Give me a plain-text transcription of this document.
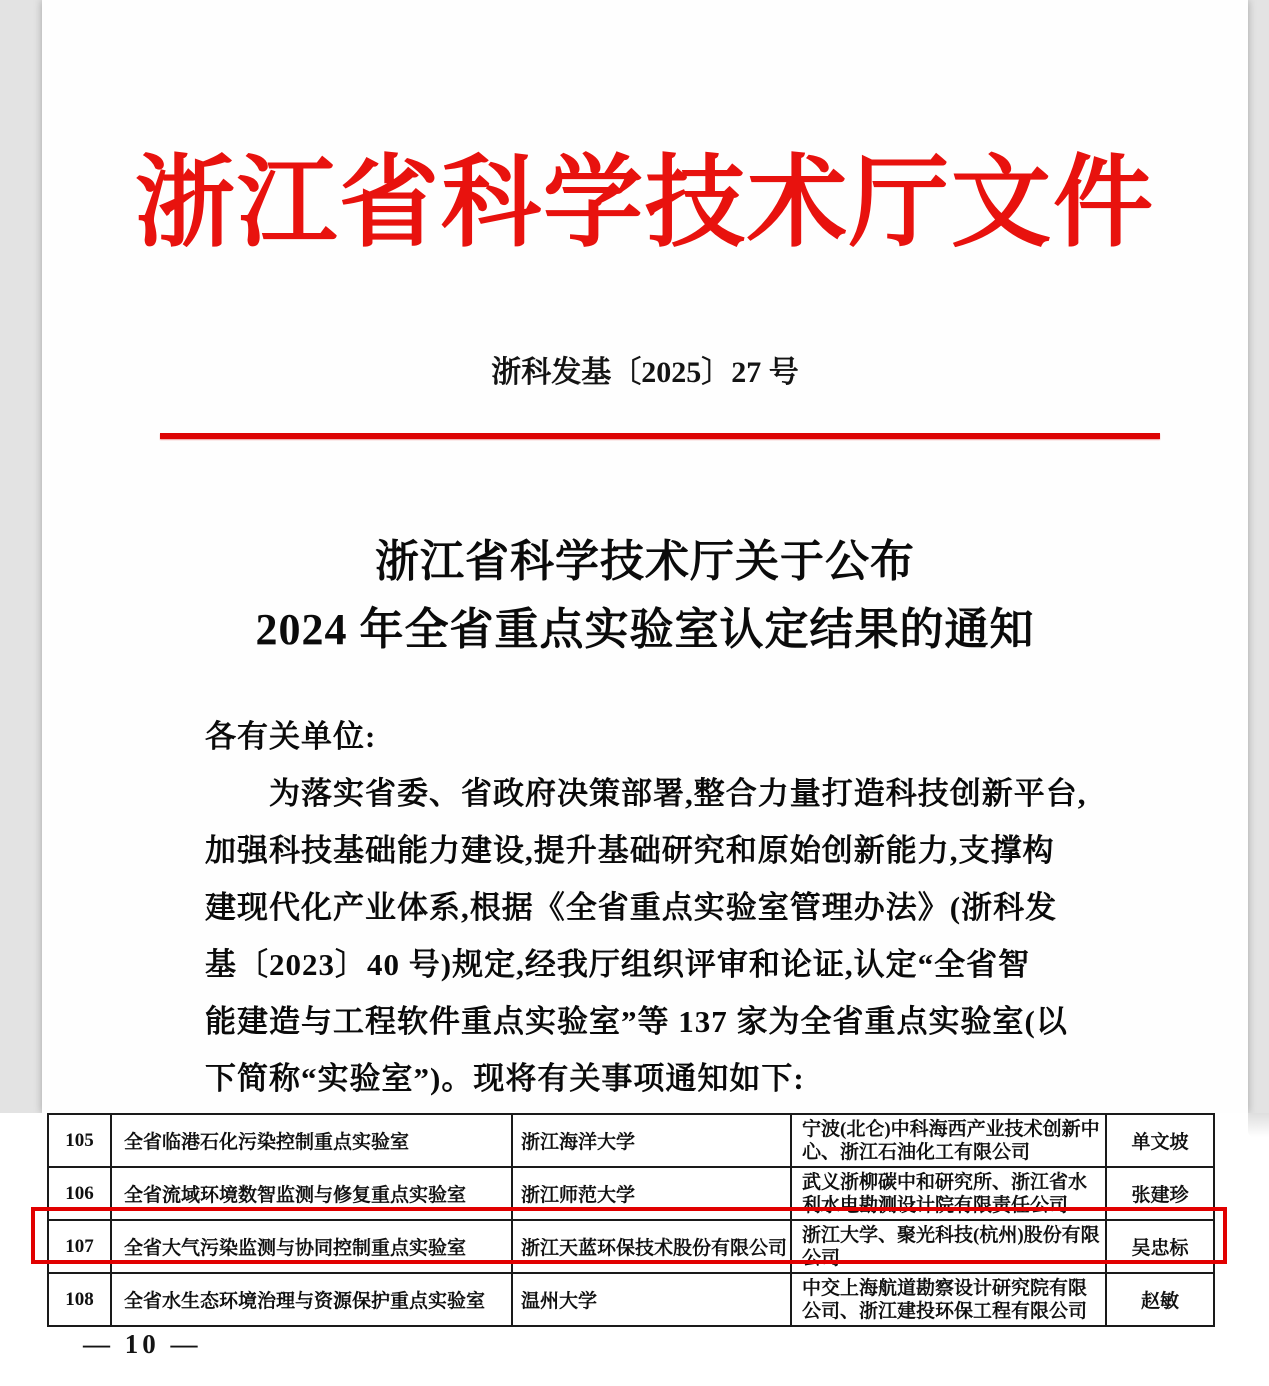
浙江省科学技术厅文件
浙科发基〔2025〕27 号
浙江省科学技术厅关于公布
2024 年全省重点实验室认定结果的通知
各有关单位:
为落实省委、省政府决策部署,整合力量打造科技创新平台,
加强科技基础能力建设,提升基础研究和原始创新能力,支撑构
建现代化产业体系,根据《全省重点实验室管理办法》(浙科发
基〔2023〕40 号)规定,经我厅组织评审和论证,认定“全省智
能建造与工程软件重点实验室”等 137 家为全省重点实验室(以
下简称“实验室”)。现将有关事项通知如下:
105	全省临港石化污染控制重点实验室	浙江海洋大学	宁波(北仑)中科海西产业技术创新中心、浙江石油化工有限公司	单文坡
106	全省流域环境数智监测与修复重点实验室	浙江师范大学	武义浙柳碳中和研究所、浙江省水利水电勘测设计院有限责任公司	张建珍
107	全省大气污染监测与协同控制重点实验室	浙江天蓝环保技术股份有限公司	浙江大学、聚光科技(杭州)股份有限公司	吴忠标
108	全省水生态环境治理与资源保护重点实验室	温州大学	中交上海航道勘察设计研究院有限公司、浙江建投环保工程有限公司	赵敏
— 10 —
